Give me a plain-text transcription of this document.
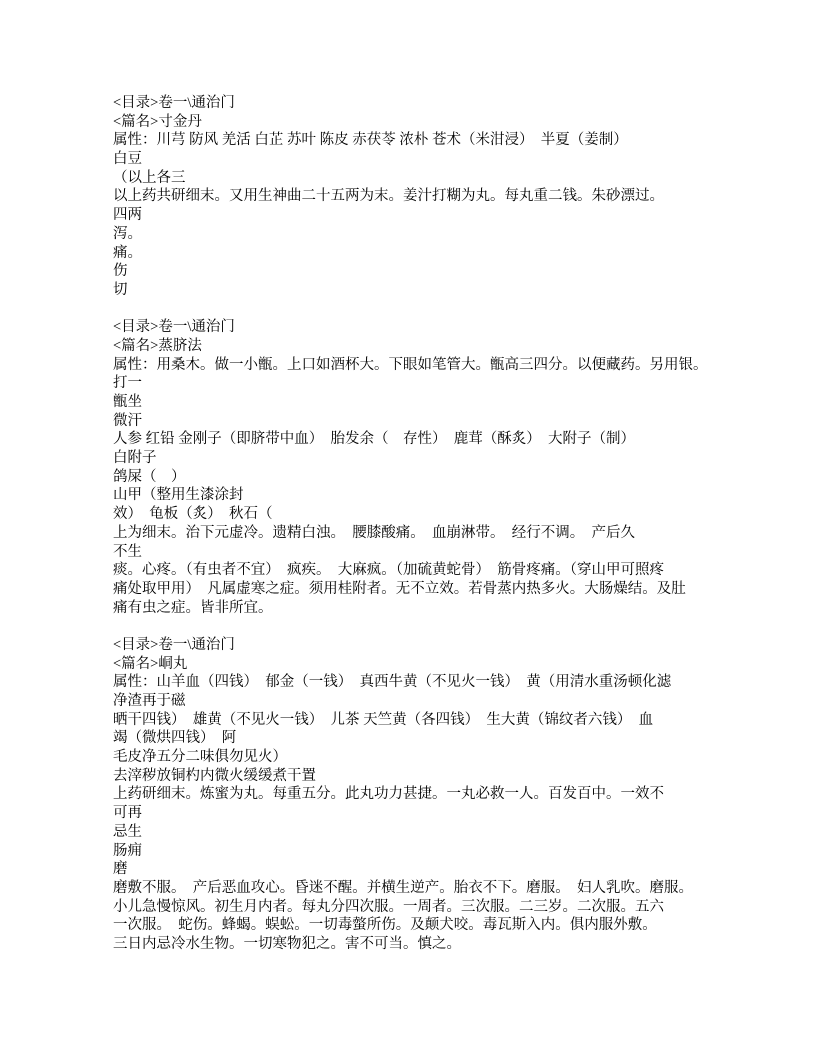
<目录>卷一\通治门
<篇名>寸金丹
属性：川芎 防风 羌活 白芷 苏叶 陈皮 赤茯苓 浓朴 苍术（米泔浸）　半夏（姜制）
白豆
（以上各三
以上药共研细末。又用生神曲二十五两为末。姜汁打糊为丸。每丸重二钱。朱砂漂过。
四两
泻。
痛。
伤
切
<目录>卷一\通治门
<篇名>蒸脐法
属性：用桑木。做一小甑。上口如酒杯大。下眼如笔管大。甑高三四分。以便藏药。另用银。
打一
甑坐
微汗
人参 红铅 金刚子（即脐带中血）　胎发余（　存性）　鹿茸（酥炙）　大附子（制）
白附子
鸽屎（　）
山甲（整用生漆涂封
效）　龟板（炙）　秋石（
上为细末。治下元虚冷。遗精白浊。　腰膝酸痛。　血崩淋带。　经行不调。　产后久
不生
痰。心疼。（有虫者不宜）　疯疾。　大麻疯。（加硫黄蛇骨）　筋骨疼痛。（穿山甲可照疼
痛处取甲用）　凡属虚寒之症。须用桂附者。无不立效。若骨蒸内热多火。大肠燥结。及肚
痛有虫之症。皆非所宜。
<目录>卷一\通治门
<篇名>峒丸
属性：山羊血（四钱）　郁金（一钱）　真西牛黄（不见火一钱）　黄（用清水重汤顿化滤
净渣再于磁
晒干四钱）　雄黄（不见火一钱）　儿茶 天竺黄（各四钱）　生大黄（锦纹者六钱）　血
竭（微烘四钱）　阿
毛皮净五分二味俱勿见火）
去滓秽放铜杓内微火缓缓煮干置
上药研细末。炼蜜为丸。每重五分。此丸功力甚捷。一丸必救一人。百发百中。一效不
可再
忌生
肠痈
磨
磨敷不服。　产后恶血攻心。昏迷不醒。并横生逆产。胎衣不下。磨服。　妇人乳吹。磨服。
小儿急慢惊风。初生月内者。每丸分四次服。一周者。三次服。二三岁。二次服。五六
一次服。　蛇伤。蜂蝎。蜈蚣。一切毒螫所伤。及颠犬咬。毒瓦斯入内。俱内服外敷。
三日内忌冷水生物。一切寒物犯之。害不可当。慎之。
